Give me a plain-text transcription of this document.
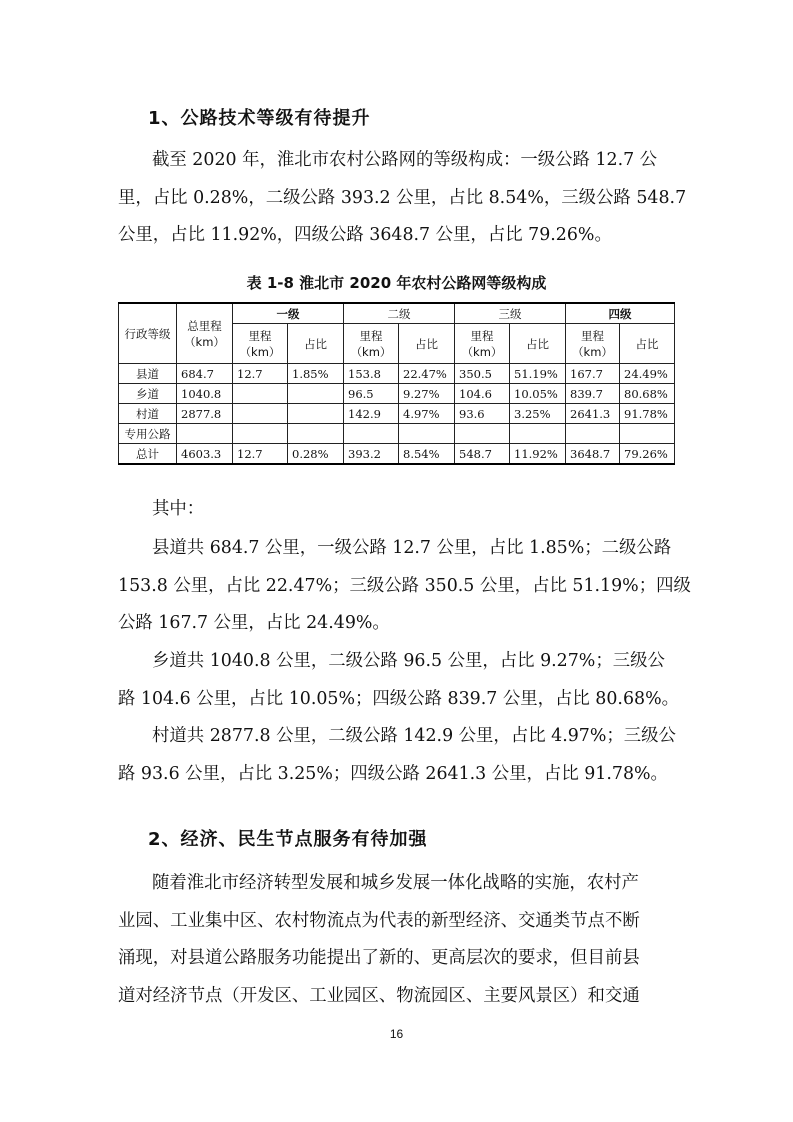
1、公路技术等级有待提升

截至 2020 年，淮北市农村公路网的等级构成：一级公路 12.7 公
里，占比 0.28%，二级公路 393.2 公里，占比 8.54%，三级公路 548.7
公里，占比 11.92%，四级公路 3648.7 公里，占比 79.26%。

表 1-8 淮北市 2020 年农村公路网等级构成
行政等级	总里程（km）	一级		二级		三级		四级	
		里程（km）	占比	里程（km）	占比	里程（km）	占比	里程（km）	占比
县道	684.7	12.7	1.85%	153.8	22.47%	350.5	51.19%	167.7	24.49%
乡道	1040.8			96.5	9.27%	104.6	10.05%	839.7	80.68%
村道	2877.8			142.9	4.97%	93.6	3.25%	2641.3	91.78%
专用公路									
总计	4603.3	12.7	0.28%	393.2	8.54%	548.7	11.92%	3648.7	79.26%

其中：

县道共 684.7 公里，一级公路 12.7 公里，占比 1.85%；二级公路
153.8 公里，占比 22.47%；三级公路 350.5 公里，占比 51.19%；四级
公路 167.7 公里，占比 24.49%。

乡道共 1040.8 公里，二级公路 96.5 公里，占比 9.27%；三级公
路 104.6 公里，占比 10.05%；四级公路 839.7 公里，占比 80.68%。

村道共 2877.8 公里，二级公路 142.9 公里，占比 4.97%；三级公
路 93.6 公里，占比 3.25%；四级公路 2641.3 公里，占比 91.78%。

2、经济、民生节点服务有待加强

随着淮北市经济转型发展和城乡发展一体化战略的实施，农村产
业园、工业集中区、农村物流点为代表的新型经济、交通类节点不断
涌现，对县道公路服务功能提出了新的、更高层次的要求，但目前县
道对经济节点（开发区、工业园区、物流园区、主要风景区）和交通

16
